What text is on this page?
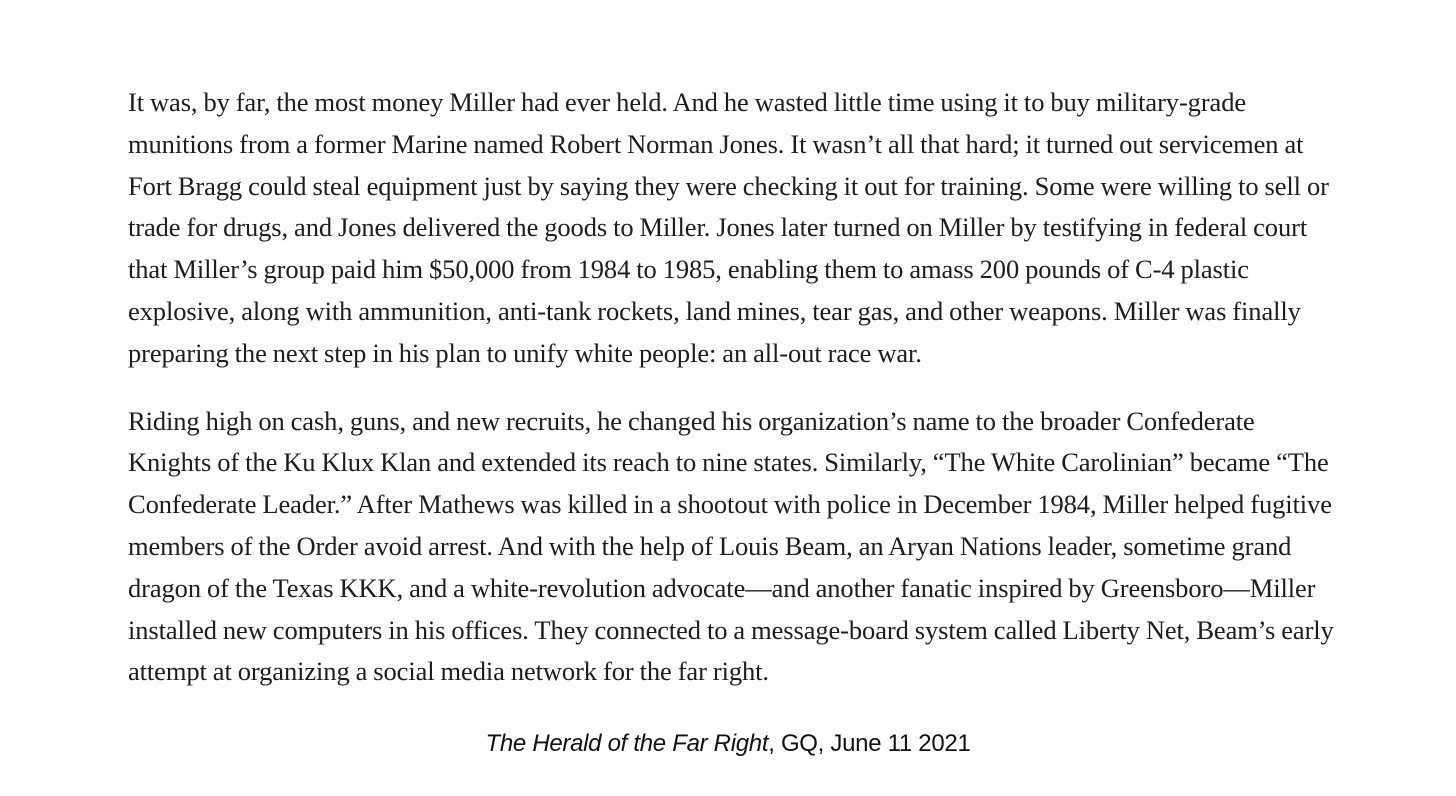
It was, by far, the most money Miller had ever held. And he wasted little time using it to buy military-grade munitions from a former Marine named Robert Norman Jones. It wasn’t all that hard; it turned out servicemen at Fort Bragg could steal equipment just by saying they were checking it out for training. Some were willing to sell or trade for drugs, and Jones delivered the goods to Miller. Jones later turned on Miller by testifying in federal court that Miller’s group paid him $50,000 from 1984 to 1985, enabling them to amass 200 pounds of C-4 plastic explosive, along with ammunition, anti-tank rockets, land mines, tear gas, and other weapons. Miller was finally preparing the next step in his plan to unify white people: an all-out race war.

Riding high on cash, guns, and new recruits, he changed his organization’s name to the broader Confederate Knights of the Ku Klux Klan and extended its reach to nine states. Similarly, “The White Carolinian” became “The Confederate Leader.” After Mathews was killed in a shootout with police in December 1984, Miller helped fugitive members of the Order avoid arrest. And with the help of Louis Beam, an Aryan Nations leader, sometime grand dragon of the Texas KKK, and a white-revolution advocate—and another fanatic inspired by Greensboro—Miller installed new computers in his offices. They connected to a message-board system called Liberty Net, Beam’s early attempt at organizing a social media network for the far right.

The Herald of the Far Right, GQ, June 11 2021
